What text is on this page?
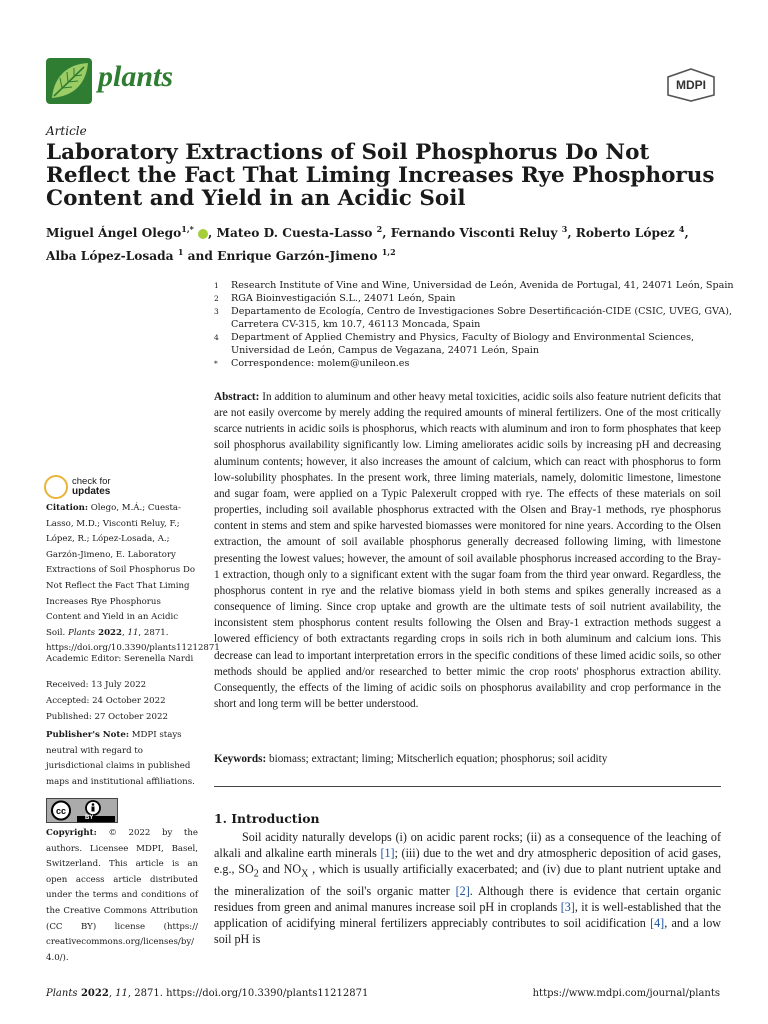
plants	MDPI
Article
Laboratory Extractions of Soil Phosphorus Do Not Reflect the Fact That Liming Increases Rye Phosphorus Content and Yield in an Acidic Soil
Miguel Ángel Olego$^{1,*}$ , Mateo D. Cuesta-Lasso $^2$, Fernando Visconti Reluy $^3$, Roberto López $^4$,
Alba López-Losada $^1$ and Enrique Garzón-Jimeno $^{1,2}$
1	Research Institute of Vine and Wine, Universidad de León, Avenida de Portugal, 41, 24071 León, Spain
2	RGA Bioinvestigación S.L., 24071 León, Spain
3	Departamento de Ecología, Centro de Investigaciones Sobre Desertificación-CIDE (CSIC, UVEG, GVA), Carretera CV-315, km 10.7, 46113 Moncada, Spain
4	Department of Applied Chemistry and Physics, Faculty of Biology and Environmental Sciences, Universidad de León, Campus de Vegazana, 24071 León, Spain
*	Correspondence: molem@unileon.es

Abstract: In addition to aluminum and other heavy metal toxicities, acidic soils also feature nutrient deficits that are not easily overcome by merely adding the required amounts of mineral fertilizers. One of the most critically scarce nutrients in acidic soils is phosphorus, which reacts with aluminum and iron to form phosphates that keep soil phosphorus availability significantly low. Liming ameliorates acidic soils by increasing pH and decreasing aluminum contents; however, it also increases the amount of calcium, which can react with phosphorus to form low-solubility phosphates. In the present work, three liming materials, namely, dolomitic limestone, limestone and sugar foam, were applied on a Typic Palexerult cropped with rye. The effects of these materials on soil properties, including soil available phosphorus extracted with the Olsen and Bray-1 methods, rye phosphorus content in stems and stem and spike harvested biomasses were monitored for nine years. According to the Olsen extraction, the amount of soil available phosphorus generally decreased following liming, with limestone presenting the lowest values; however, the amount of soil available phosphorus increased according to the Bray-1 extraction, though only to a significant extent with the sugar foam from the third year onward. Regardless, the phosphorus content in rye and the relative biomass yield in both stems and spikes generally increased as a consequence of liming. Since crop uptake and growth are the ultimate tests of soil nutrient availability, the inconsistent stem phosphorus content results following the Olsen and Bray-1 extraction methods suggest a lowered efficiency of both extractants regarding crops in soils rich in both aluminum and calcium ions. This decrease can lead to important interpretation errors in the specific conditions of these limed acidic soils, so other methods should be applied and/or researched to better mimic the crop roots' phosphorus extraction ability. Consequently, the effects of the liming of acidic soils on phosphorus availability and crop performance in the short and long term will be better understood.

Keywords: biomass; extractant; liming; Mitscherlich equation; phosphorus; soil acidity
1. Introduction

Soil acidity naturally develops (i) on acidic parent rocks; (ii) as a consequence of the leaching of alkali and alkaline earth minerals [1]; (iii) due to the wet and dry atmospheric deposition of acid gases, e.g., $SO_2$ and $NO_X$ , which is usually artificially exacerbated; and (iv) due to plant nutrient uptake and the mineralization of the soil's organic matter [2]. Although there is evidence that certain organic residues from green and animal manures increase soil pH in croplands [3], it is well-established that the application of acidifying mineral fertilizers appreciably contributes to soil acidification [4], and a low soil pH is

check for
updates

Citation: Olego, M.Á.; Cuesta-Lasso, M.D.; Visconti Reluy, F.; López, R.; López-Losada, A.; Garzón-Jimeno, E. Laboratory Extractions of Soil Phosphorus Do Not Reflect the Fact That Liming Increases Rye Phosphorus Content and Yield in an Acidic Soil. Plants 2022, 11, 2871. https://doi.org/10.3390/plants11212871

Academic Editor: Serenella Nardi
Received: 13 July 2022
Accepted: 24 October 2022
Published: 27 October 2022

Publisher's Note: MDPI stays neutral with regard to jurisdictional claims in published maps and institutional affiliations.

cc
BY

Copyright: © 2022 by the authors. Licensee MDPI, Basel, Switzerland. This article is an open access article distributed under the terms and conditions of the Creative Commons Attribution (CC BY) license (https:// creativecommons.org/licenses/by/ 4.0/).

Plants 2022, 11, 2871. https://doi.org/10.3390/plants11212871	https://www.mdpi.com/journal/plants
